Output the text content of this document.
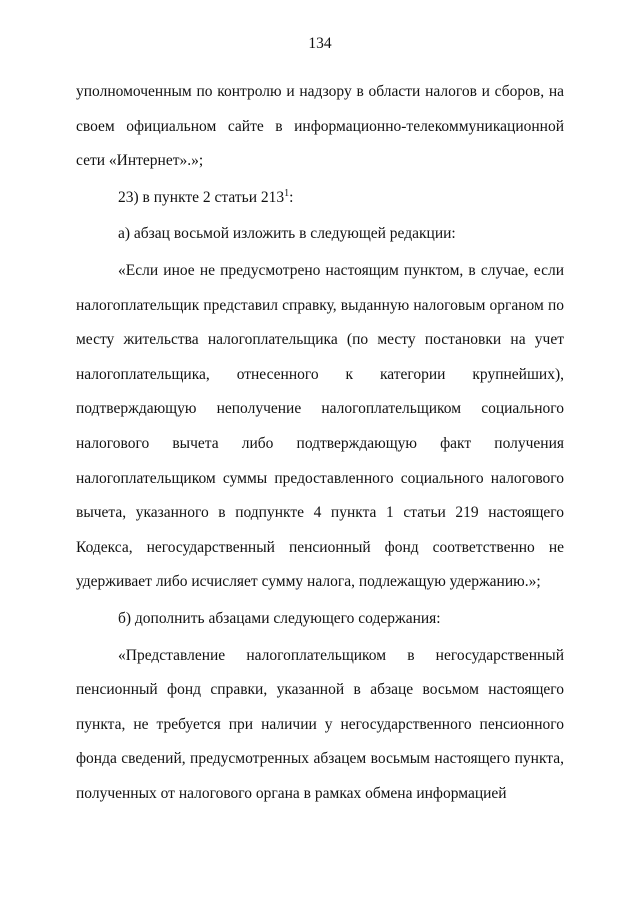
134

уполномоченным по контролю и надзору в области налогов и сборов, на своем официальном сайте в информационно-телекоммуникационной сети «Интернет».»;

23) в пункте 2 статьи $213^1$:

а) абзац восьмой изложить в следующей редакции:

«Если иное не предусмотрено настоящим пунктом, в случае, если налогоплательщик представил справку, выданную налоговым органом по месту жительства налогоплательщика (по месту постановки на учет налогоплательщика, отнесенного к категории крупнейших), подтверждающую неполучение налогоплательщиком социального налогового вычета либо подтверждающую факт получения налогоплательщиком суммы предоставленного социального налогового вычета, указанного в подпункте 4 пункта 1 статьи 219 настоящего Кодекса, негосударственный пенсионный фонд соответственно не удерживает либо исчисляет сумму налога, подлежащую удержанию.»;

б) дополнить абзацами следующего содержания:

«Представление налогоплательщиком в негосударственный пенсионный фонд справки, указанной в абзаце восьмом настоящего пункта, не требуется при наличии у негосударственного пенсионного фонда сведений, предусмотренных абзацем восьмым настоящего пункта, полученных от налогового органа в рамках обмена информацией
